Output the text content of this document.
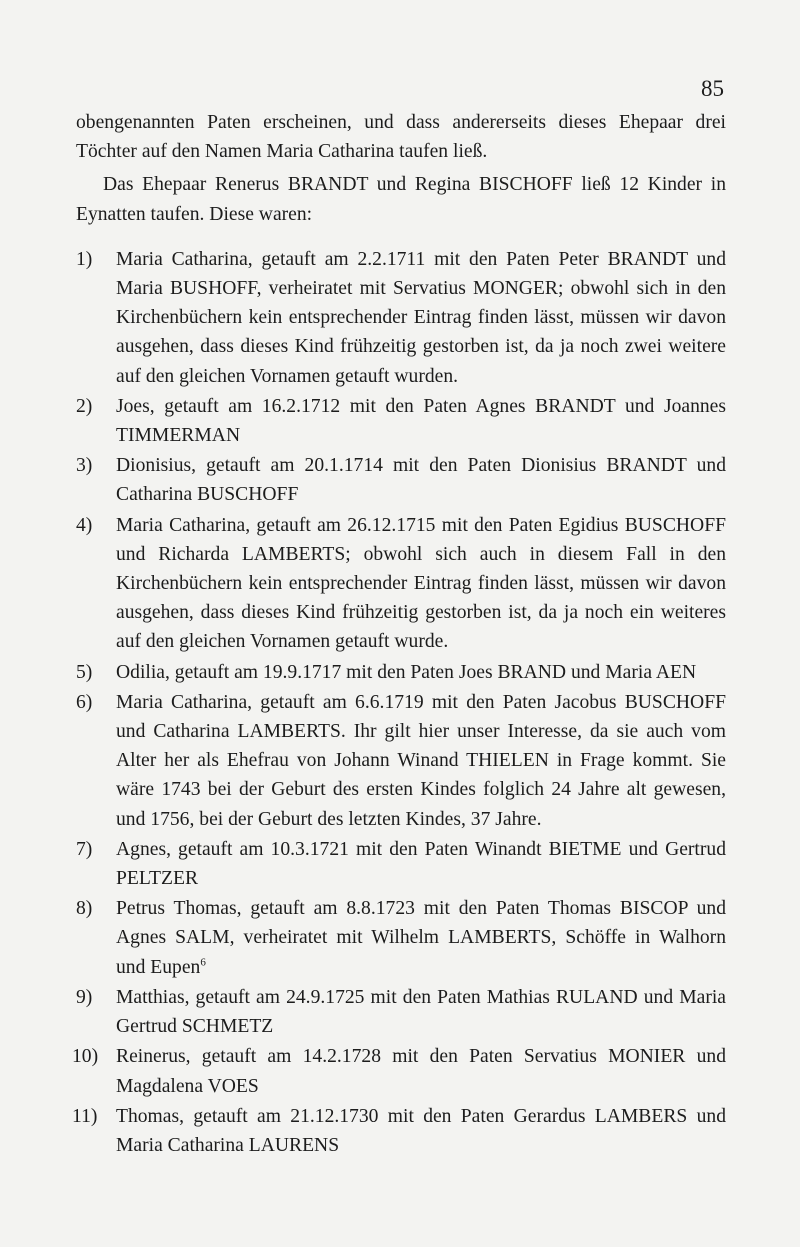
85

obengenannten Paten erscheinen, und dass andererseits dieses Ehepaar drei Töchter auf den Namen Maria Catharina taufen ließ.

Das Ehepaar Renerus BRANDT und Regina BISCHOFF ließ 12 Kinder in Eynatten taufen. Diese waren:

1)	Maria Catharina, getauft am 2.2.1711 mit den Paten Peter BRANDT und Maria BUSHOFF, verheiratet mit Servatius MONGER; obwohl sich in den Kirchenbüchern kein entsprechender Eintrag finden lässt, müssen wir davon ausgehen, dass dieses Kind frühzeitig gestorben ist, da ja noch zwei weitere auf den gleichen Vornamen getauft wurden.
2)	Joes, getauft am 16.2.1712 mit den Paten Agnes BRANDT und Joannes TIMMERMAN
3)	Dionisius, getauft am 20.1.1714 mit den Paten Dionisius BRANDT und Catharina BUSCHOFF
4)	Maria Catharina, getauft am 26.12.1715 mit den Paten Egidius BUSCHOFF und Richarda LAMBERTS; obwohl sich auch in diesem Fall in den Kirchenbüchern kein entsprechender Eintrag finden lässt, müssen wir davon ausgehen, dass dieses Kind frühzeitig gestorben ist, da ja noch ein weiteres auf den gleichen Vornamen getauft wurde.
5)	Odilia, getauft am 19.9.1717 mit den Paten Joes BRAND und Maria AEN
6)	Maria Catharina, getauft am 6.6.1719 mit den Paten Jacobus BUSCHOFF und Catharina LAMBERTS. Ihr gilt hier unser Interesse, da sie auch vom Alter her als Ehefrau von Johann Winand THIELEN in Frage kommt. Sie wäre 1743 bei der Geburt des ersten Kindes folglich 24 Jahre alt gewesen, und 1756, bei der Geburt des letzten Kindes, 37 Jahre.
7)	Agnes, getauft am 10.3.1721 mit den Paten Winandt BIETME und Gertrud PELTZER
8)	Petrus Thomas, getauft am 8.8.1723 mit den Paten Thomas BISCOP und Agnes SALM, verheiratet mit Wilhelm LAMBERTS, Schöffe in Walhorn und Eupen$^6$
9)	Matthias, getauft am 24.9.1725 mit den Paten Mathias RULAND und Maria Gertrud SCHMETZ
10) Reinerus, getauft am 14.2.1728 mit den Paten Servatius MONIER und Magdalena VOES
11) Thomas, getauft am 21.12.1730 mit den Paten Gerardus LAMBERS und Maria Catharina LAURENS
